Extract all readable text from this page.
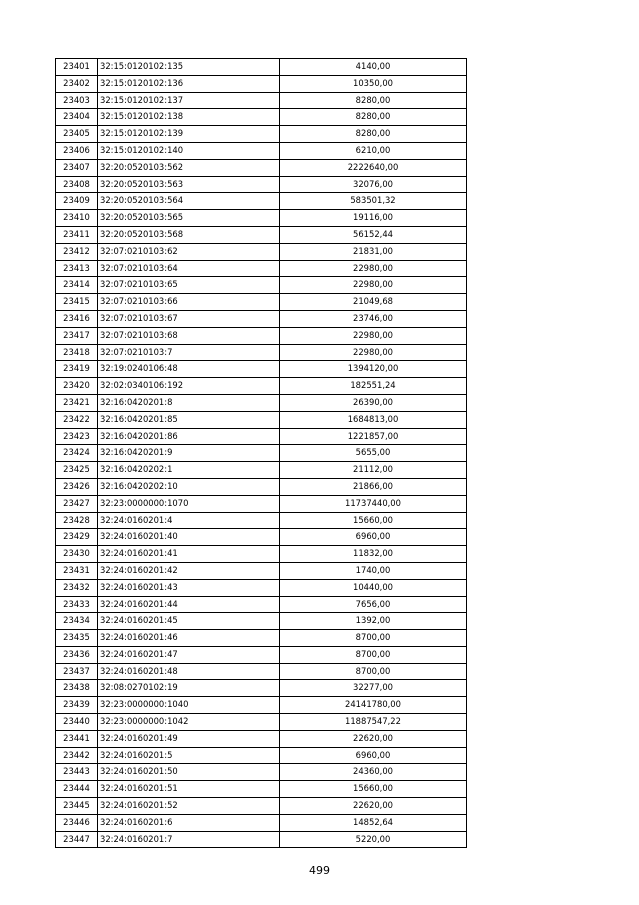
23401	32:15:0120102:135	4140,00
23402	32:15:0120102:136	10350,00
23403	32:15:0120102:137	8280,00
23404	32:15:0120102:138	8280,00
23405	32:15:0120102:139	8280,00
23406	32:15:0120102:140	6210,00
23407	32:20:0520103:562	2222640,00
23408	32:20:0520103:563	32076,00
23409	32:20:0520103:564	583501,32
23410	32:20:0520103:565	19116,00
23411	32:20:0520103:568	56152,44
23412	32:07:0210103:62	21831,00
23413	32:07:0210103:64	22980,00
23414	32:07:0210103:65	22980,00
23415	32:07:0210103:66	21049,68
23416	32:07:0210103:67	23746,00
23417	32:07:0210103:68	22980,00
23418	32:07:0210103:7	22980,00
23419	32:19:0240106:48	1394120,00
23420	32:02:0340106:192	182551,24
23421	32:16:0420201:8	26390,00
23422	32:16:0420201:85	1684813,00
23423	32:16:0420201:86	1221857,00
23424	32:16:0420201:9	5655,00
23425	32:16:0420202:1	21112,00
23426	32:16:0420202:10	21866,00
23427	32:23:0000000:1070	11737440,00
23428	32:24:0160201:4	15660,00
23429	32:24:0160201:40	6960,00
23430	32:24:0160201:41	11832,00
23431	32:24:0160201:42	1740,00
23432	32:24:0160201:43	10440,00
23433	32:24:0160201:44	7656,00
23434	32:24:0160201:45	1392,00
23435	32:24:0160201:46	8700,00
23436	32:24:0160201:47	8700,00
23437	32:24:0160201:48	8700,00
23438	32:08:0270102:19	32277,00
23439	32:23:0000000:1040	24141780,00
23440	32:23:0000000:1042	11887547,22
23441	32:24:0160201:49	22620,00
23442	32:24:0160201:5	6960,00
23443	32:24:0160201:50	24360,00
23444	32:24:0160201:51	15660,00
23445	32:24:0160201:52	22620,00
23446	32:24:0160201:6	14852,64
23447	32:24:0160201:7	5220,00
499
